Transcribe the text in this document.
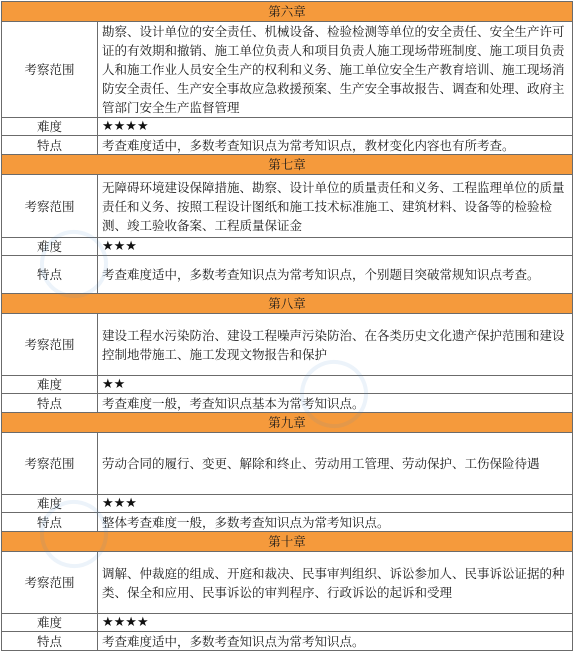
第六章	
考察范围	勘察、设计单位的安全责任、机械设备、检验检测等单位的安全责任、安全生产许可证的有效期和撤销、施工单位负责人和项目负责人施工现场带班制度、施工项目负责人和施工作业人员安全生产的权利和义务、施工单位安全生产教育培训、施工现场消防安全责任、生产安全事故应急救援预案、生产安全事故报告、调查和处理、政府主管部门安全生产监督管理
难度	★★★★
特点	考查难度适中，多数考查知识点为常考知识点，教材变化内容也有所考查。
第七章	
考察范围	无障碍环境建设保障措施、勘察、设计单位的质量责任和义务、工程监理单位的质量责任和义务、按照工程设计图纸和施工技术标准施工、建筑材料、设备等的检验检测、竣工验收备案、工程质量保证金
难度	★★★
特点	考查难度适中，多数考查知识点为常考知识点，个别题目突破常规知识点考查。
第八章	
考察范围	建设工程水污染防治、建设工程噪声污染防治、在各类历史文化遗产保护范围和建设控制地带施工、施工发现文物报告和保护
难度	★★
特点	考查难度一般，考查知识点基本为常考知识点。
第九章	
考察范围	劳动合同的履行、变更、解除和终止、劳动用工管理、劳动保护、工伤保险待遇
难度	★★★
特点	整体考查难度一般，多数考查知识点为常考知识点。
第十章	
考察范围	调解、仲裁庭的组成、开庭和裁决、民事审判组织、诉讼参加人、民事诉讼证据的种类、保全和应用、民事诉讼的审判程序、行政诉讼的起诉和受理
难度	★★★★
特点	考查难度适中，多数考查知识点为常考知识点。
